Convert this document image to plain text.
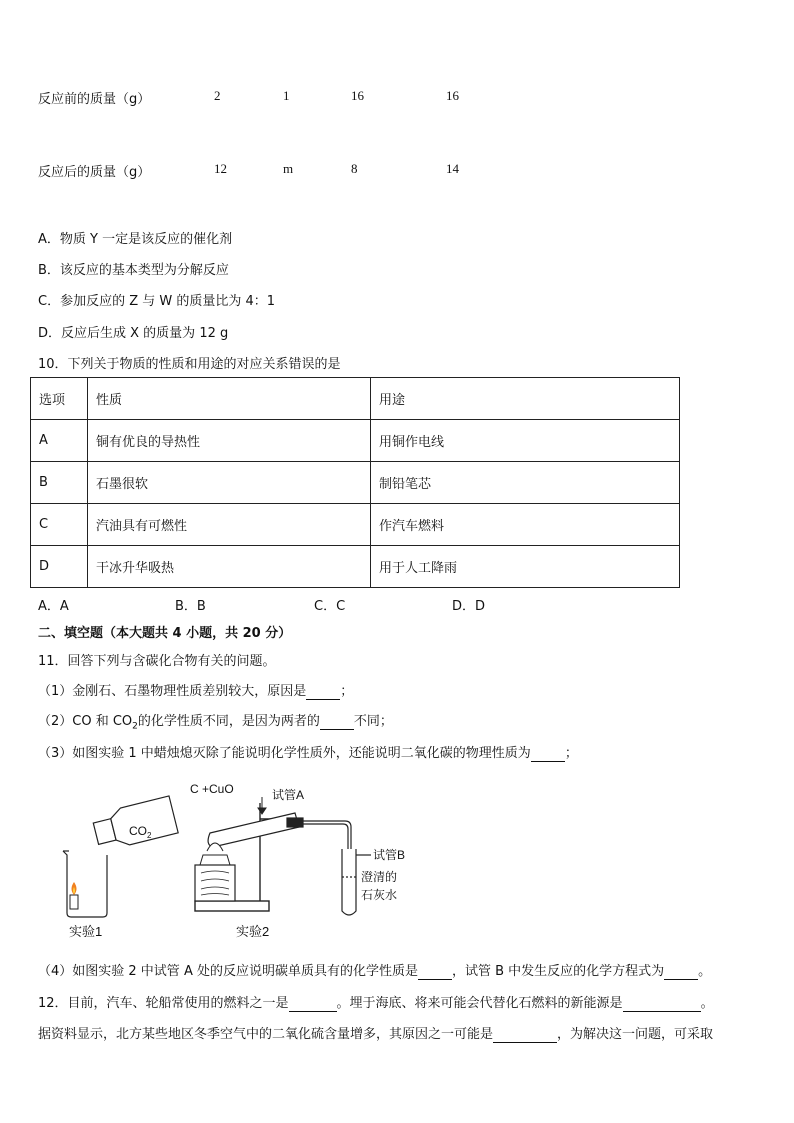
反应前的质量（g）	2	1	16	16
反应后的质量（g）	12	m	8	14
A．物质 Y 一定是该反应的催化剂
B．该反应的基本类型为分解反应
C．参加反应的 Z 与 W 的质量比为 4：1
D．反应后生成 X 的质量为 12 g
10．下列关于物质的性质和用途的对应关系错误的是
选项	性质	用途
A	铜有优良的导热性	用铜作电线
B	石墨很软	制铅笔芯
C	汽油具有可燃性	作汽车燃料
D	干冰升华吸热	用于人工降雨
A．A	B．B	C．C	D．D
二、填空题（本大题共 4 小题，共 20 分）
11．回答下列与含碳化合物有关的问题。
（1）金刚石、石墨物理性质差别较大，原因是	；
（2）CO 和 $CO_2$的化学性质不同，是因为两者的	不同；
（3）如图实验 1 中蜡烛熄灭除了能说明化学性质外，还能说明二氧化碳的物理性质为	；
$CO_2$
实验1
C +CuO	试管A
试管B
澄清的
石灰水
实验2
（4）如图实验 2 中试管 A 处的反应说明碳单质具有的化学性质是	，试管 B 中发生反应的化学方程式为	。
12．目前，汽车、轮船常使用的燃料之一是	。埋于海底、将来可能会代替化石燃料的新能源是	。
据资料显示，北方某些地区冬季空气中的二氧化硫含量增多，其原因之一可能是	，为解决这一问题，可采取
